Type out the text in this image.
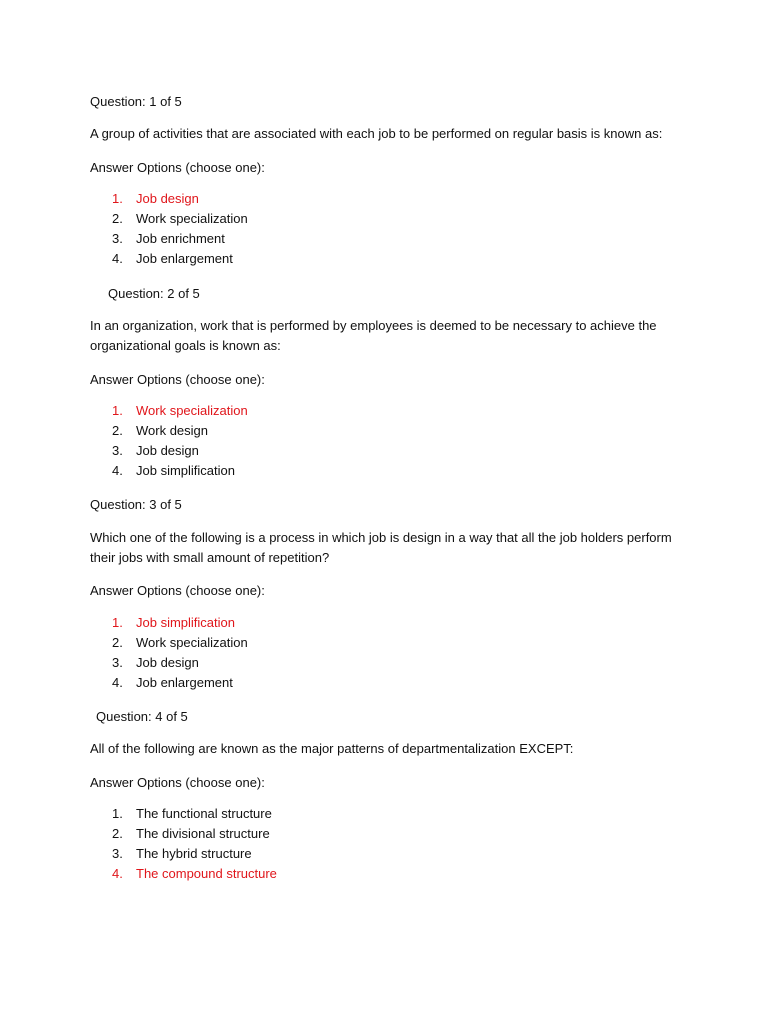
Question: 1 of 5
A group of activities that are associated with each job to be performed on regular basis is known as:
Answer Options (choose one):
1. Job design
2. Work specialization
3. Job enrichment
4. Job enlargement
Question: 2 of 5
In an organization, work that is performed by employees is deemed to be necessary to achieve the organizational goals is known as:
Answer Options (choose one):
1. Work specialization
2. Work design
3. Job design
4. Job simplification
Question: 3 of 5
Which one of the following is a process in which job is design in a way that all the job holders perform their jobs with small amount of repetition?
Answer Options (choose one):
1. Job simplification
2. Work specialization
3. Job design
4. Job enlargement
Question: 4 of 5
All of the following are known as the major patterns of departmentalization EXCEPT:
Answer Options (choose one):
1. The functional structure
2. The divisional structure
3. The hybrid structure
4. The compound structure
